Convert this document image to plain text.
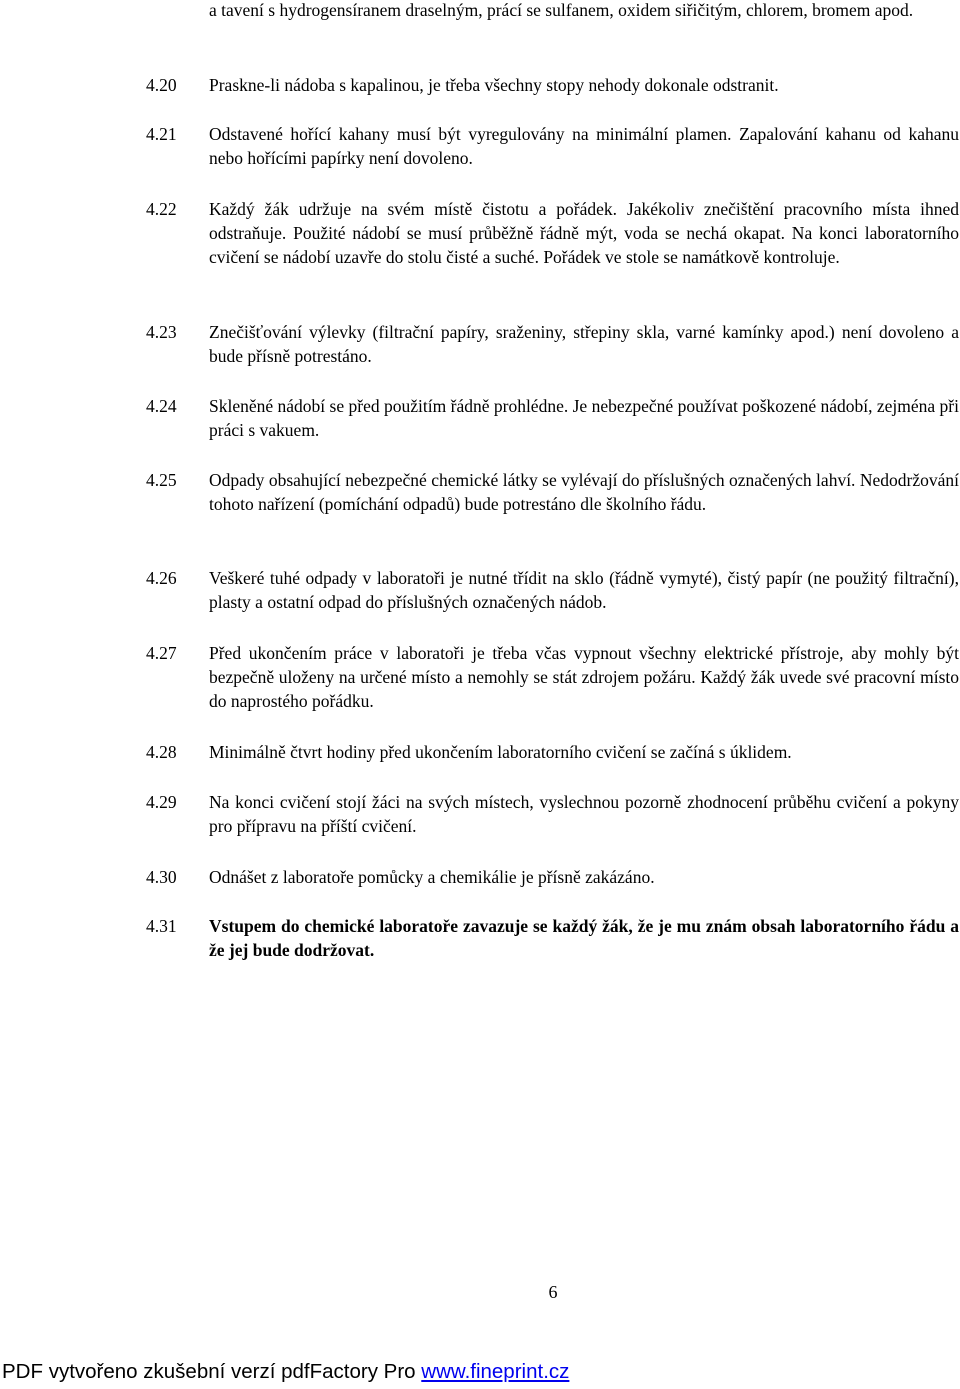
a tavení s hydrogensíranem draselným, prácí se sulfanem, oxidem siřičitým, chlorem, bromem apod.
4.20 Praskne-li nádoba s kapalinou, je třeba všechny stopy nehody dokonale odstranit.
4.21 Odstavené hořící kahany musí být vyregulovány na minimální plamen. Zapalování kahanu od kahanu nebo hořícími papírky není dovoleno.
4.22 Každý žák udržuje na svém místě čistotu a pořádek. Jakékoliv znečištění pracovního místa ihned odstraňuje. Použité nádobí se musí průběžně řádně mýt, voda se nechá okapat. Na konci laboratorního cvičení se nádobí uzavře do stolu čisté a suché. Pořádek ve stole se namátkově kontroluje.
4.23 Znečišťování výlevky (filtrační papíry, sraženiny, střepiny skla, varné kamínky apod.) není dovoleno a bude přísně potrestáno.
4.24 Skleněné nádobí se před použitím řádně prohlédne. Je nebezpečné používat poškozené nádobí, zejména při práci s vakuem.
4.25 Odpady obsahující nebezpečné chemické látky se vylévají do příslušných označených lahví. Nedodržování tohoto nařízení (pomíchání odpadů) bude potrestáno dle školního řádu.
4.26 Veškeré tuhé odpady v laboratoři je nutné třídit na sklo (řádně vymyté), čistý papír (ne použitý filtrační), plasty a ostatní odpad do příslušných označených nádob.
4.27 Před ukončením práce v laboratoři je třeba včas vypnout všechny elektrické přístroje, aby mohly být bezpečně uloženy na určené místo a nemohly se stát zdrojem požáru. Každý žák uvede své pracovní místo do naprostého pořádku.
4.28 Minimálně čtvrt hodiny před ukončením laboratorního cvičení se začíná s úklidem.
4.29 Na konci cvičení stojí žáci na svých místech, vyslechnou pozorně zhodnocení průběhu cvičení a pokyny pro přípravu na příští cvičení.
4.30 Odnášet z laboratoře pomůcky a chemikálie je přísně zakázáno.
4.31 Vstupem do chemické laboratoře zavazuje se každý žák, že je mu znám obsah laboratorního řádu a že jej bude dodržovat.
6
PDF vytvořeno zkušební verzí pdfFactory Pro www.fineprint.cz
